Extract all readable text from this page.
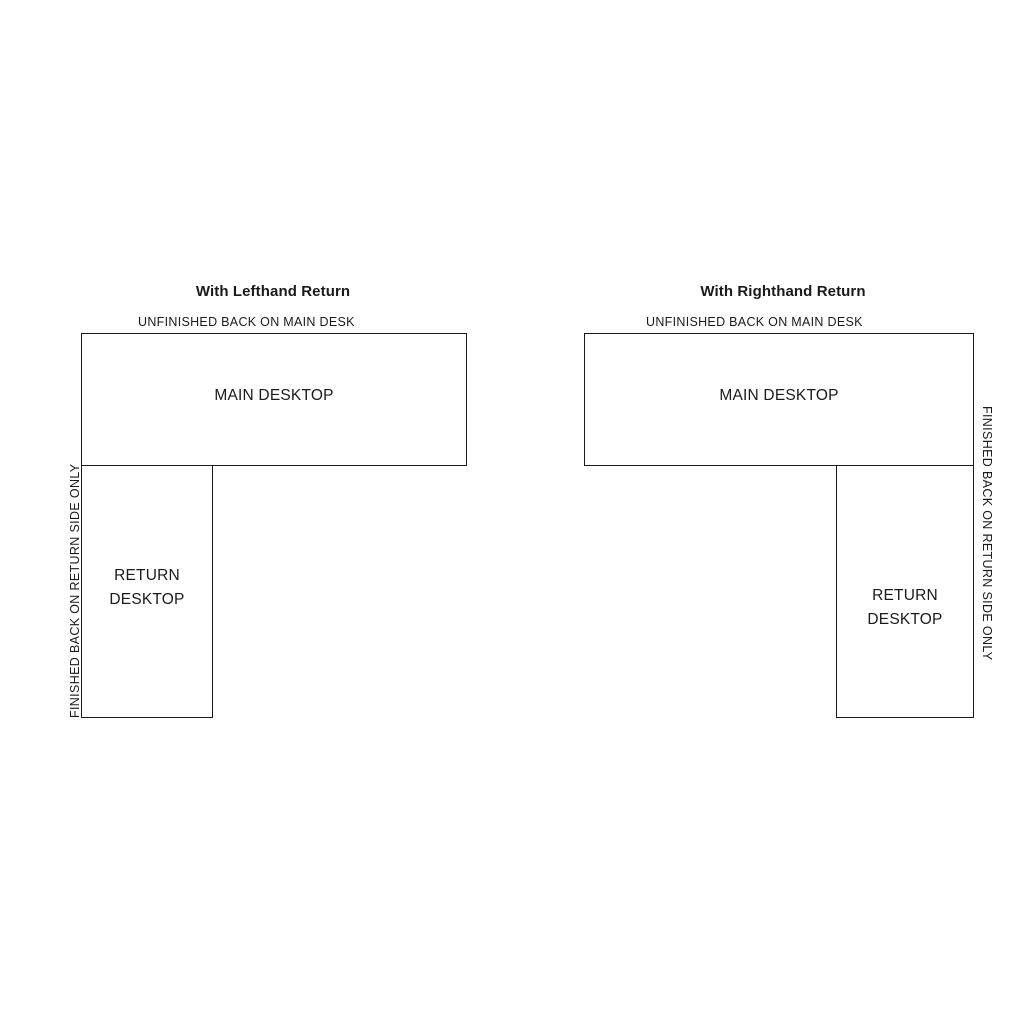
With Lefthand Return
UNFINISHED BACK ON MAIN DESK
MAIN DESKTOP
RETURN
DESKTOP
FINISHED BACK ON RETURN SIDE ONLY
With Righthand Return
UNFINISHED BACK ON MAIN DESK
MAIN DESKTOP
RETURN
DESKTOP	FINISHED BACK ON RETURN SIDE ONLY
